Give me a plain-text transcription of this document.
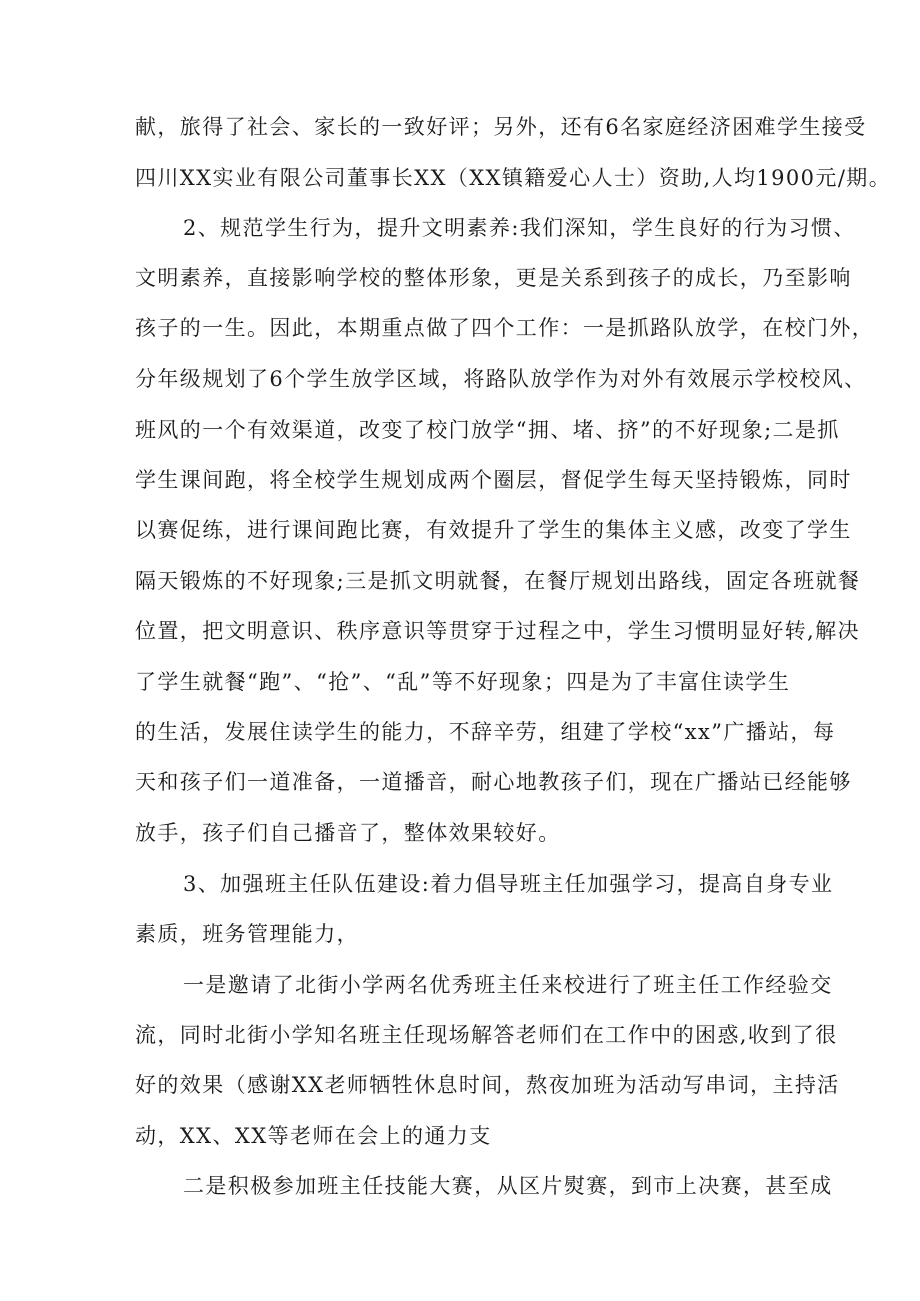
献，旅得了社会、家长的一致好评；另外，还有6名家庭经济困难学生接受
四川XX实业有限公司董事长XX（XX镇籍爱心人士）资助,人均1900元/期。
2、规范学生行为，提升文明素养:我们深知，学生良好的行为习惯、
文明素养，直接影响学校的整体形象，更是关系到孩子的成长，乃至影响
孩子的一生。因此，本期重点做了四个工作：一是抓路队放学，在校门外，
分年级规划了6个学生放学区域，将路队放学作为对外有效展示学校校风、
班风的一个有效渠道，改变了校门放学“拥、堵、挤”的不好现象;二是抓
学生课间跑，将全校学生规划成两个圈层，督促学生每天坚持锻炼，同时
以赛促练，进行课间跑比赛，有效提升了学生的集体主义感，改变了学生
隔天锻炼的不好现象;三是抓文明就餐，在餐厅规划出路线，固定各班就餐
位置，把文明意识、秩序意识等贯穿于过程之中，学生习惯明显好转,解决
了学生就餐“跑”、“抢”、“乱”等不好现象；四是为了丰富住读学生
的生活，发展住读学生的能力，不辞辛劳，组建了学校“xx”广播站，每
天和孩子们一道准备，一道播音，耐心地教孩子们，现在广播站已经能够
放手，孩子们自己播音了，整体效果较好。
3、加强班主任队伍建设:着力倡导班主任加强学习，提高自身专业
素质，班务管理能力，
一是邀请了北街小学两名优秀班主任来校进行了班主任工作经验交
流，同时北街小学知名班主任现场解答老师们在工作中的困惑,收到了很
好的效果（感谢XX老师牺牲休息时间，熬夜加班为活动写串词，主持活
动，XX、XX等老师在会上的通力支
二是积极参加班主任技能大赛，从区片熨赛，到市上决赛，甚至成
